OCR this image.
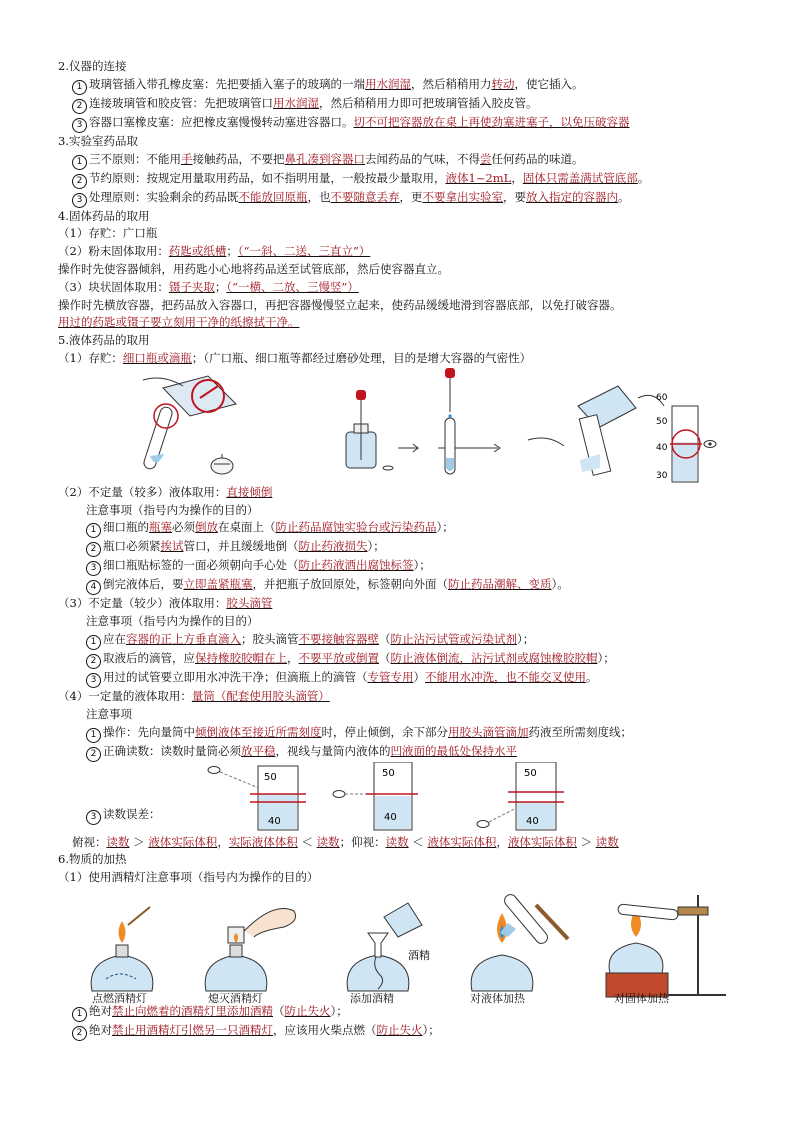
2.仪器的连接
1 玻璃管插入带孔橡皮塞：先把要插入塞子的玻璃的一端用水润湿，然后稍稍用力转动，使它插入。
2 连接玻璃管和胶皮管：先把玻璃管口用水润湿，然后稍稍用力即可把玻璃管插入胶皮管。
3 容器口塞橡皮塞：应把橡皮塞慢慢转动塞进容器口。切不可把容器放在桌上再使劲塞进塞子，以免压破容器
3.实验室药品取
1 三不原则：不能用手接触药品，不要把鼻孔凑到容器口去闻药品的气味，不得尝任何药品的味道。
2 节约原则：按规定用量取用药品，如不指明用量，一般按最少量取用，液体1~2mL，固体只需盖满试管底部。
3 处理原则：实验剩余的药品既不能放回原瓶，也不要随意丢弃，更不要拿出实验室，要放入指定的容器内。
4.固体药品的取用
（1）存贮：广口瓶
（2）粉末固体取用：药匙或纸槽；（“一斜、二送、三直立”）
操作时先使容器倾斜，用药匙小心地将药品送至试管底部，然后使容器直立。
（3）块状固体取用：镊子夹取；（“一横、二放、三慢竖”）
操作时先横放容器，把药品放入容器口，再把容器慢慢竖立起来，使药品缓缓地滑到容器底部，以免打破容器。
用过的药匙或镊子要立刻用干净的纸擦拭干净。
5.液体药品的取用
（1）存贮：细口瓶或滴瓶；（广口瓶、细口瓶等都经过磨砂处理，目的是增大容器的气密性）
60
50
40
30
（2）不定量（较多）液体取用：直接倾倒
注意事项（指号内为操作的目的）
1 细口瓶的瓶塞必须倒放在桌面上（防止药品腐蚀实验台或污染药品）；
2 瓶口必须紧挨试管口，并且缓缓地倒（防止药液损失）；
3 细口瓶贴标签的一面必须朝向手心处（防止药液洒出腐蚀标签）；
4 倒完液体后，要立即盖紧瓶塞，并把瓶子放回原处，标签朝向外面（防止药品潮解、变质）。
（3）不定量（较少）液体取用：胶头滴管
注意事项（指号内为操作的目的）
1 应在容器的正上方垂直滴入；胶头滴管不要接触容器壁（防止沾污试管或污染试剂）；
2 取液后的滴管，应保持橡胶胶帽在上，不要平放或倒置（防止液体倒流，沾污试剂或腐蚀橡胶胶帽）；
3 用过的试管要立即用水冲洗干净；但滴瓶上的滴管（专管专用）不能用水冲洗，也不能交叉使用。
（4）一定量的液体取用：量筒（配套使用胶头滴管）
注意事项
1 操作：先向量筒中倾倒液体至接近所需刻度时，停止倾倒，余下部分用胶头滴管滴加药液至所需刻度线；
2 正确读数：读数时量筒必须放平稳，视线与量筒内液体的凹液面的最低处保持水平
3 读数误差：
50
40
50
40
50
40
俯视：读数 ＞ 液体实际体积，实际液体体积 ＜ 读数；仰视：读数 ＜ 液体实际体积，液体实际体积 ＞ 读数
6.物质的加热
（1）使用酒精灯注意事项（指号内为操作的目的）
酒精
点燃酒精灯	熄灭酒精灯	添加酒精	对液体加热	对固体加热
1 绝对禁止向燃着的酒精灯里添加酒精（防止失火）；
2 绝对禁止用酒精灯引燃另一只酒精灯，应该用火柴点燃（防止失火）；
